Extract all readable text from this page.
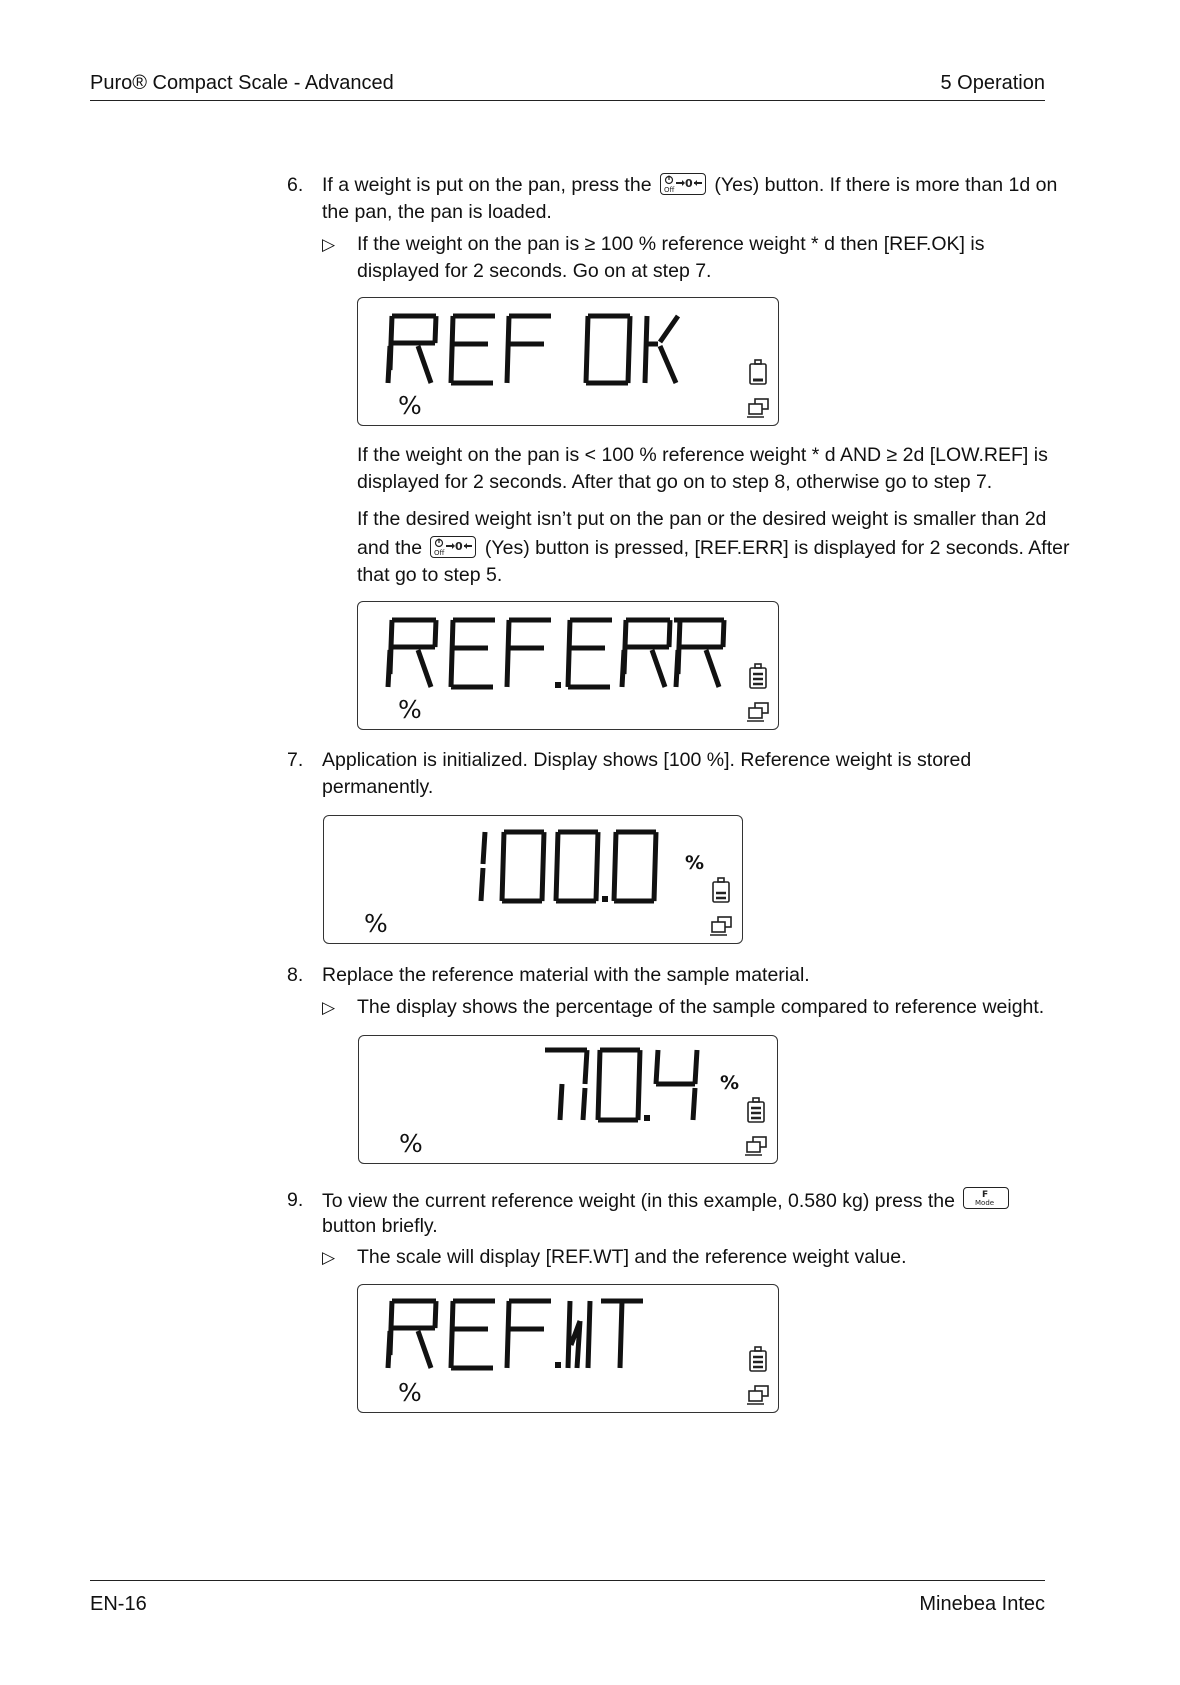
Puro® Compact Scale - Advanced	5 Operation
6. If a weight is put on the pan, press the Off 0 (Yes) button. If there is more than 1d on
the pan, the pan is loaded.
▷ If the weight on the pan is ≥ 100 % reference weight * d then [REF.OK] is
displayed for 2 seconds. Go on at step 7.
%
If the weight on the pan is < 100 % reference weight * d AND ≥ 2d [LOW.REF] is
displayed for 2 seconds. After that go on to step 8, otherwise go to step 7.
If the desired weight isn’t put on the pan or the desired weight is smaller than 2d
and the Off 0 (Yes) button is pressed, [REF.ERR] is displayed for 2 seconds. After
that go to step 5.
%
7. Application is initialized. Display shows [100 %]. Reference weight is stored
permanently.
%
%
8. Replace the reference material with the sample material.
▷ The display shows the percentage of the sample compared to reference weight.
%
%
9. To view the current reference weight (in this example, 0.580 kg) press the	F
Mode
button briefly.
▷ The scale will display [REF.WT] and the reference weight value.
%
EN-16	Minebea Intec
